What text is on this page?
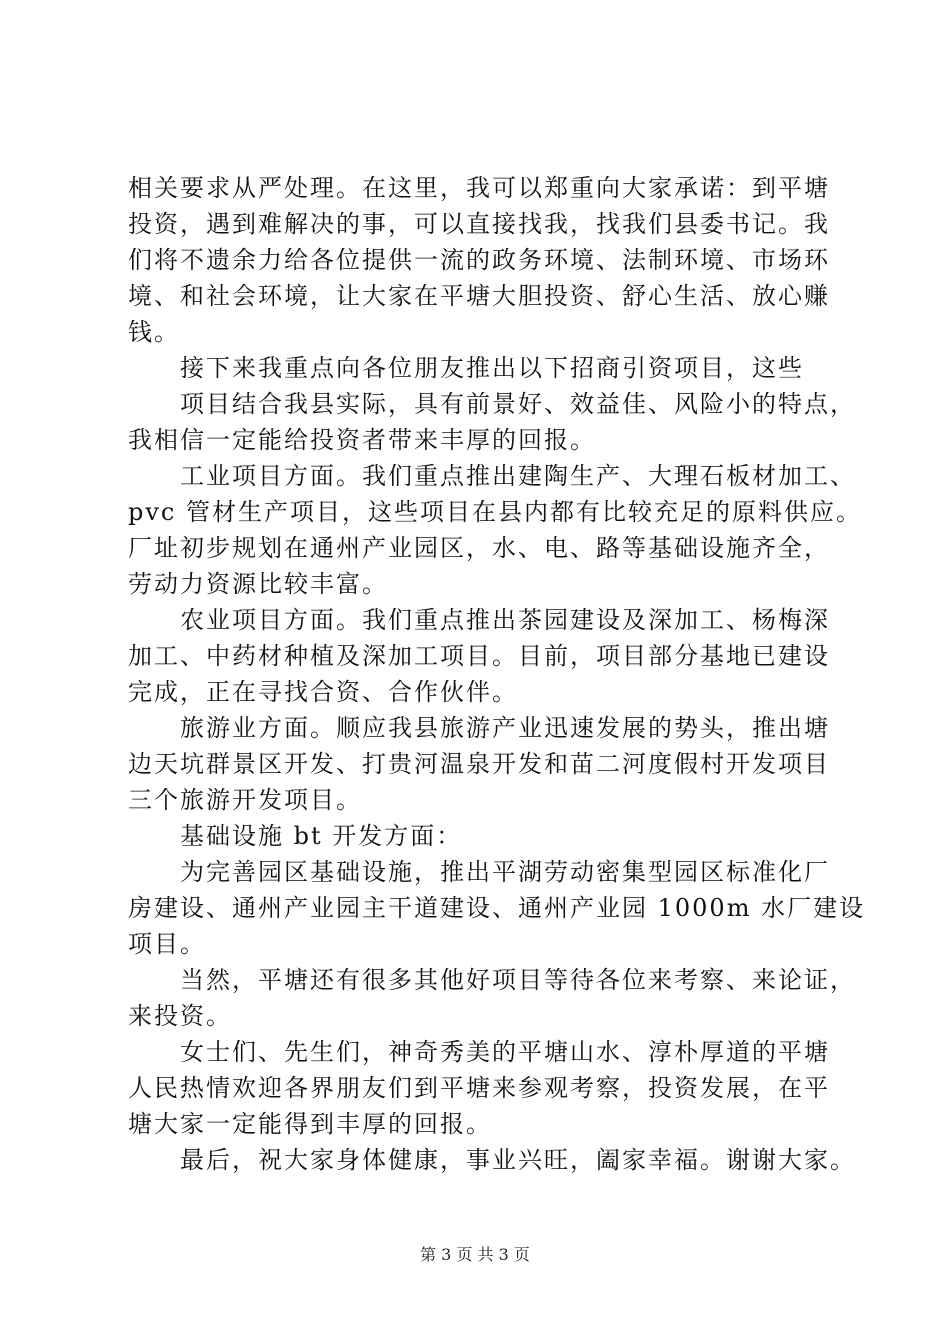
相关要求从严处理。在这里，我可以郑重向大家承诺：到平塘
投资，遇到难解决的事，可以直接找我，找我们县委书记。我
们将不遗余力给各位提供一流的政务环境、法制环境、市场环
境、和社会环境，让大家在平塘大胆投资、舒心生活、放心赚
钱。
接下来我重点向各位朋友推出以下招商引资项目，这些
项目结合我县实际，具有前景好、效益佳、风险小的特点，
我相信一定能给投资者带来丰厚的回报。
工业项目方面。我们重点推出建陶生产、大理石板材加工、
pvc 管材生产项目，这些项目在县内都有比较充足的原料供应。
厂址初步规划在通州产业园区，水、电、路等基础设施齐全，
劳动力资源比较丰富。
农业项目方面。我们重点推出茶园建设及深加工、杨梅深
加工、中药材种植及深加工项目。目前，项目部分基地已建设
完成，正在寻找合资、合作伙伴。
旅游业方面。顺应我县旅游产业迅速发展的势头，推出塘
边天坑群景区开发、打贵河温泉开发和苗二河度假村开发项目
三个旅游开发项目。
基础设施 bt 开发方面：
为完善园区基础设施，推出平湖劳动密集型园区标准化厂
房建设、通州产业园主干道建设、通州产业园 1000m 水厂建设
项目。
当然，平塘还有很多其他好项目等待各位来考察、来论证，
来投资。
女士们、先生们，神奇秀美的平塘山水、淳朴厚道的平塘
人民热情欢迎各界朋友们到平塘来参观考察，投资发展，在平
塘大家一定能得到丰厚的回报。
最后，祝大家身体健康，事业兴旺，阖家幸福。谢谢大家。
第 3 页 共 3 页
